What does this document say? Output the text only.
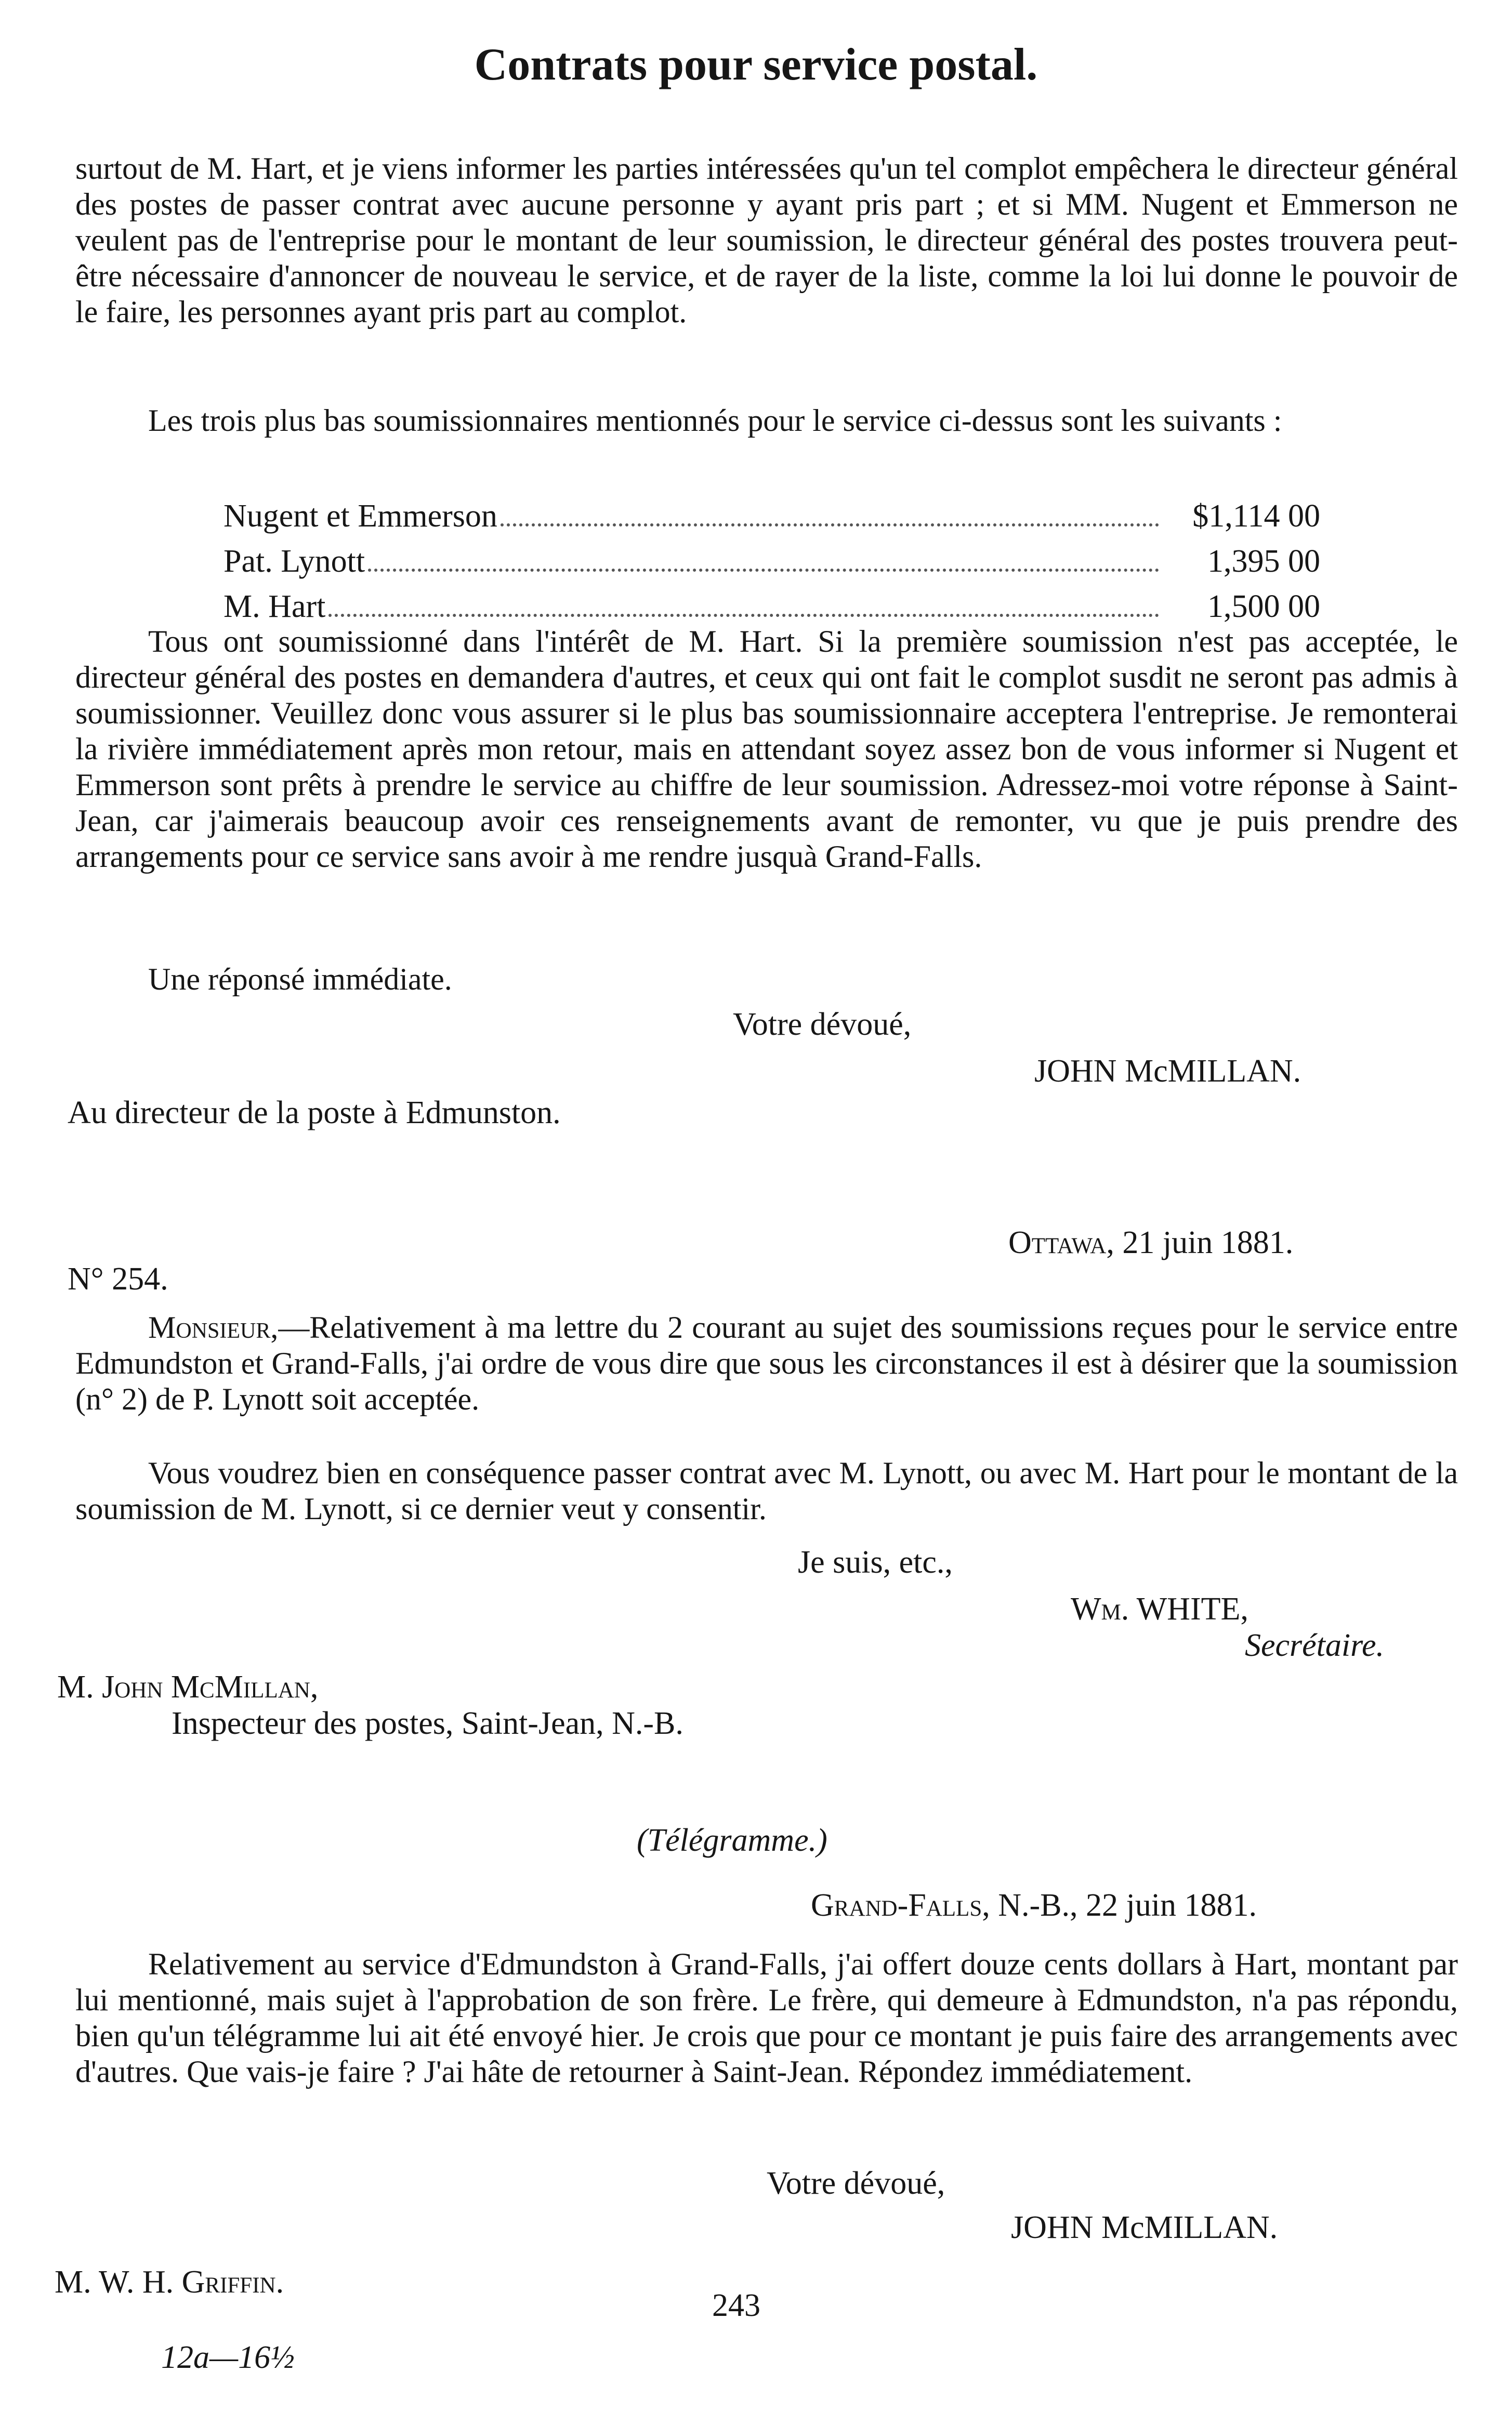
Contrats pour service postal.

surtout de M. Hart, et je viens informer les parties intéressées qu'un tel complot empêchera le directeur général des postes de passer contrat avec aucune personne y ayant pris part ; et si MM. Nugent et Emmerson ne veulent pas de l'entreprise pour le montant de leur soumission, le directeur général des postes trouvera peut-être nécessaire d'annoncer de nouveau le service, et de rayer de la liste, comme la loi lui donne le pouvoir de le faire, les personnes ayant pris part au complot.

Les trois plus bas soumissionnaires mentionnés pour le service ci-dessus sont les suivants :

Nugent et Emmerson	$1,114 00
Pat. Lynott	1,395 00
M. Hart	1,500 00

Tous ont soumissionné dans l'intérêt de M. Hart. Si la première soumission n'est pas acceptée, le directeur général des postes en demandera d'autres, et ceux qui ont fait le complot susdit ne seront pas admis à soumissionner. Veuillez donc vous assurer si le plus bas soumissionnaire acceptera l'entreprise. Je remonterai la rivière immédiatement après mon retour, mais en attendant soyez assez bon de vous informer si Nugent et Emmerson sont prêts à prendre le service au chiffre de leur soumission. Adressez-moi votre réponse à Saint-Jean, car j'aimerais beaucoup avoir ces renseignements avant de remonter, vu que je puis prendre des arrangements pour ce service sans avoir à me rendre jusquà Grand-Falls.

Une réponsé immédiate.

Votre dévoué,
JOHN McMILLAN.
Au directeur de la poste à Edmunston.
Ottawa, 21 juin 1881.
N° 254.

Monsieur,—Relativement à ma lettre du 2 courant au sujet des soumissions reçues pour le service entre Edmundston et Grand-Falls, j'ai ordre de vous dire que sous les circonstances il est à désirer que la soumission (n° 2) de P. Lynott soit acceptée.

Vous voudrez bien en conséquence passer contrat avec M. Lynott, ou avec M. Hart pour le montant de la soumission de M. Lynott, si ce dernier veut y consentir.

Je suis, etc.,
Wm. WHITE,
Secrétaire.
M. John McMillan,
Inspecteur des postes, Saint-Jean, N.-B.
(Télégramme.)
Grand-Falls, N.-B., 22 juin 1881.

Relativement au service d'Edmundston à Grand-Falls, j'ai offert douze cents dollars à Hart, montant par lui mentionné, mais sujet à l'approbation de son frère. Le frère, qui demeure à Edmundston, n'a pas répondu, bien qu'un télégramme lui ait été envoyé hier. Je crois que pour ce montant je puis faire des arrangements avec d'autres. Que vais-je faire ? J'ai hâte de retourner à Saint-Jean. Répondez immédiatement.

Votre dévoué,
JOHN McMILLAN.
M. W. H. Griffin.
243
12a—16½
